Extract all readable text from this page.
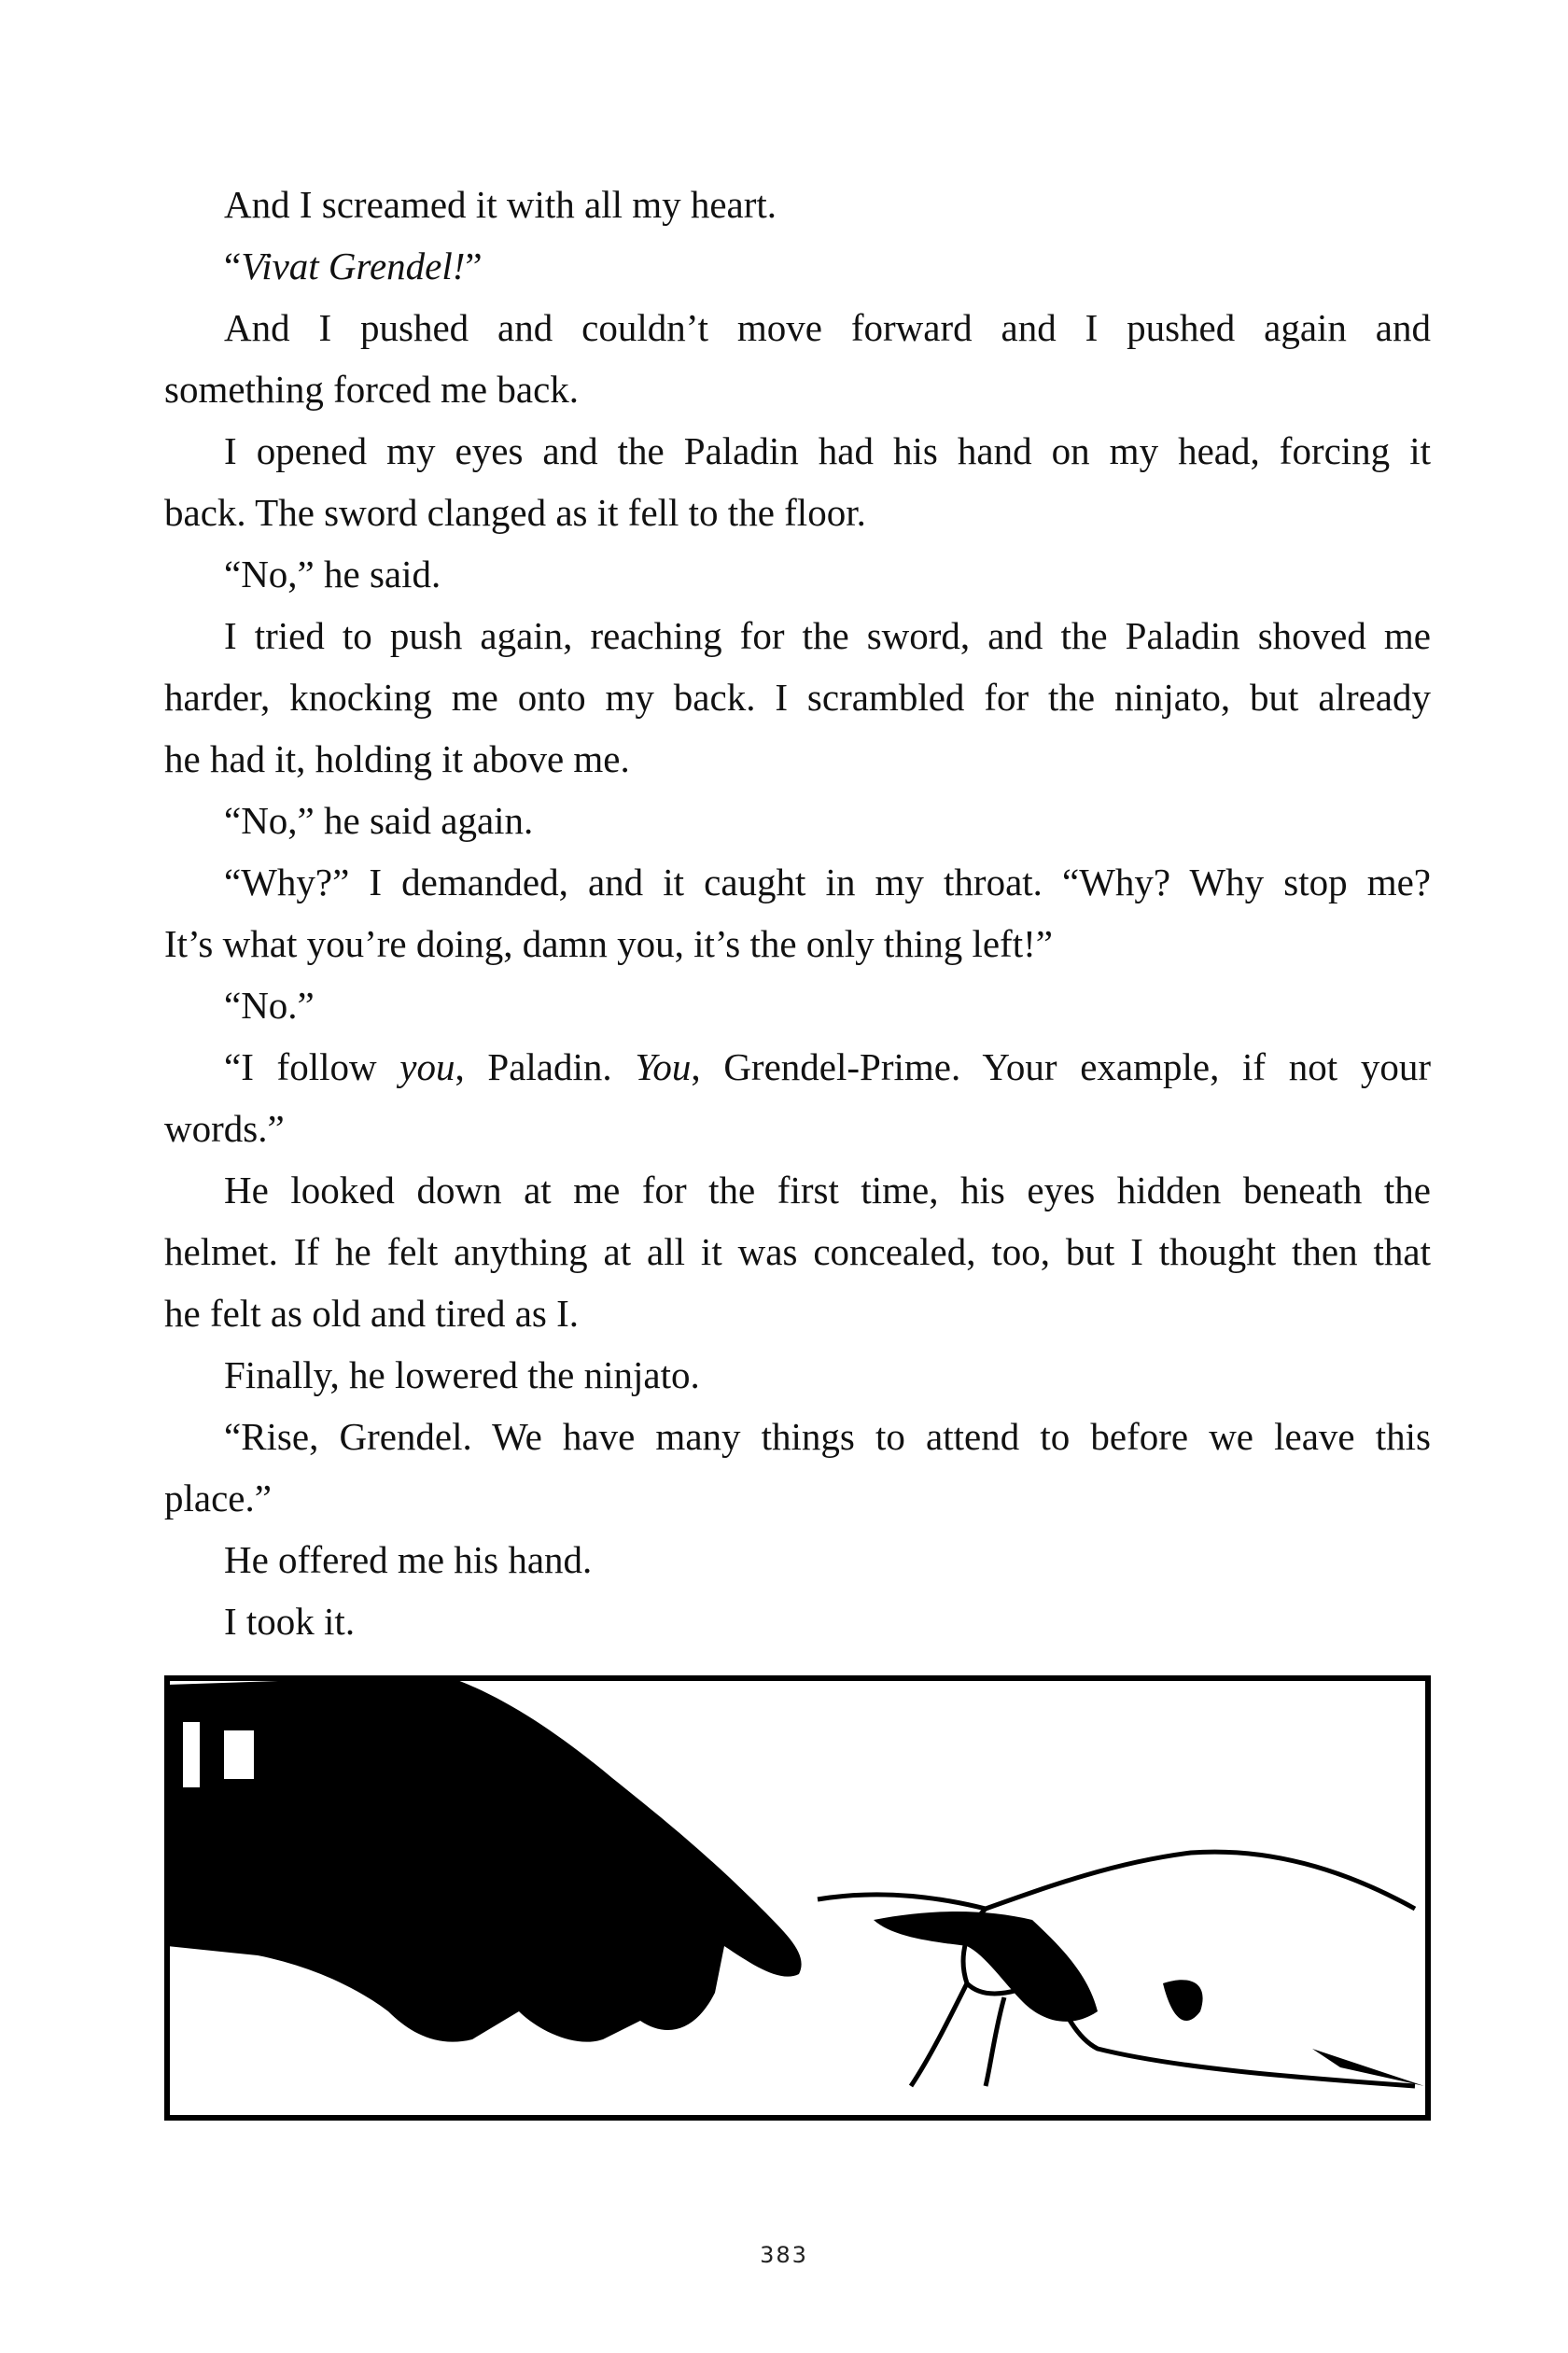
And I screamed it with all my heart.
“Vivat Grendel!”
And I pushed and couldn’t move forward and I pushed again and
something forced me back.
I opened my eyes and the Paladin had his hand on my head, forcing it
back. The sword clanged as it fell to the floor.
“No,” he said.
I tried to push again, reaching for the sword, and the Paladin shoved me
harder, knocking me onto my back. I scrambled for the ninjato, but already
he had it, holding it above me.
“No,” he said again.
“Why?” I demanded, and it caught in my throat. “Why? Why stop me?
It’s what you’re doing, damn you, it’s the only thing left!”
“No.”
“I follow you, Paladin. You, Grendel-Prime. Your example, if not your
words.”
He looked down at me for the first time, his eyes hidden beneath the
helmet. If he felt anything at all it was concealed, too, but I thought then that
he felt as old and tired as I.
Finally, he lowered the ninjato.
“Rise, Grendel. We have many things to attend to before we leave this
place.”
He offered me his hand.
I took it.
383
